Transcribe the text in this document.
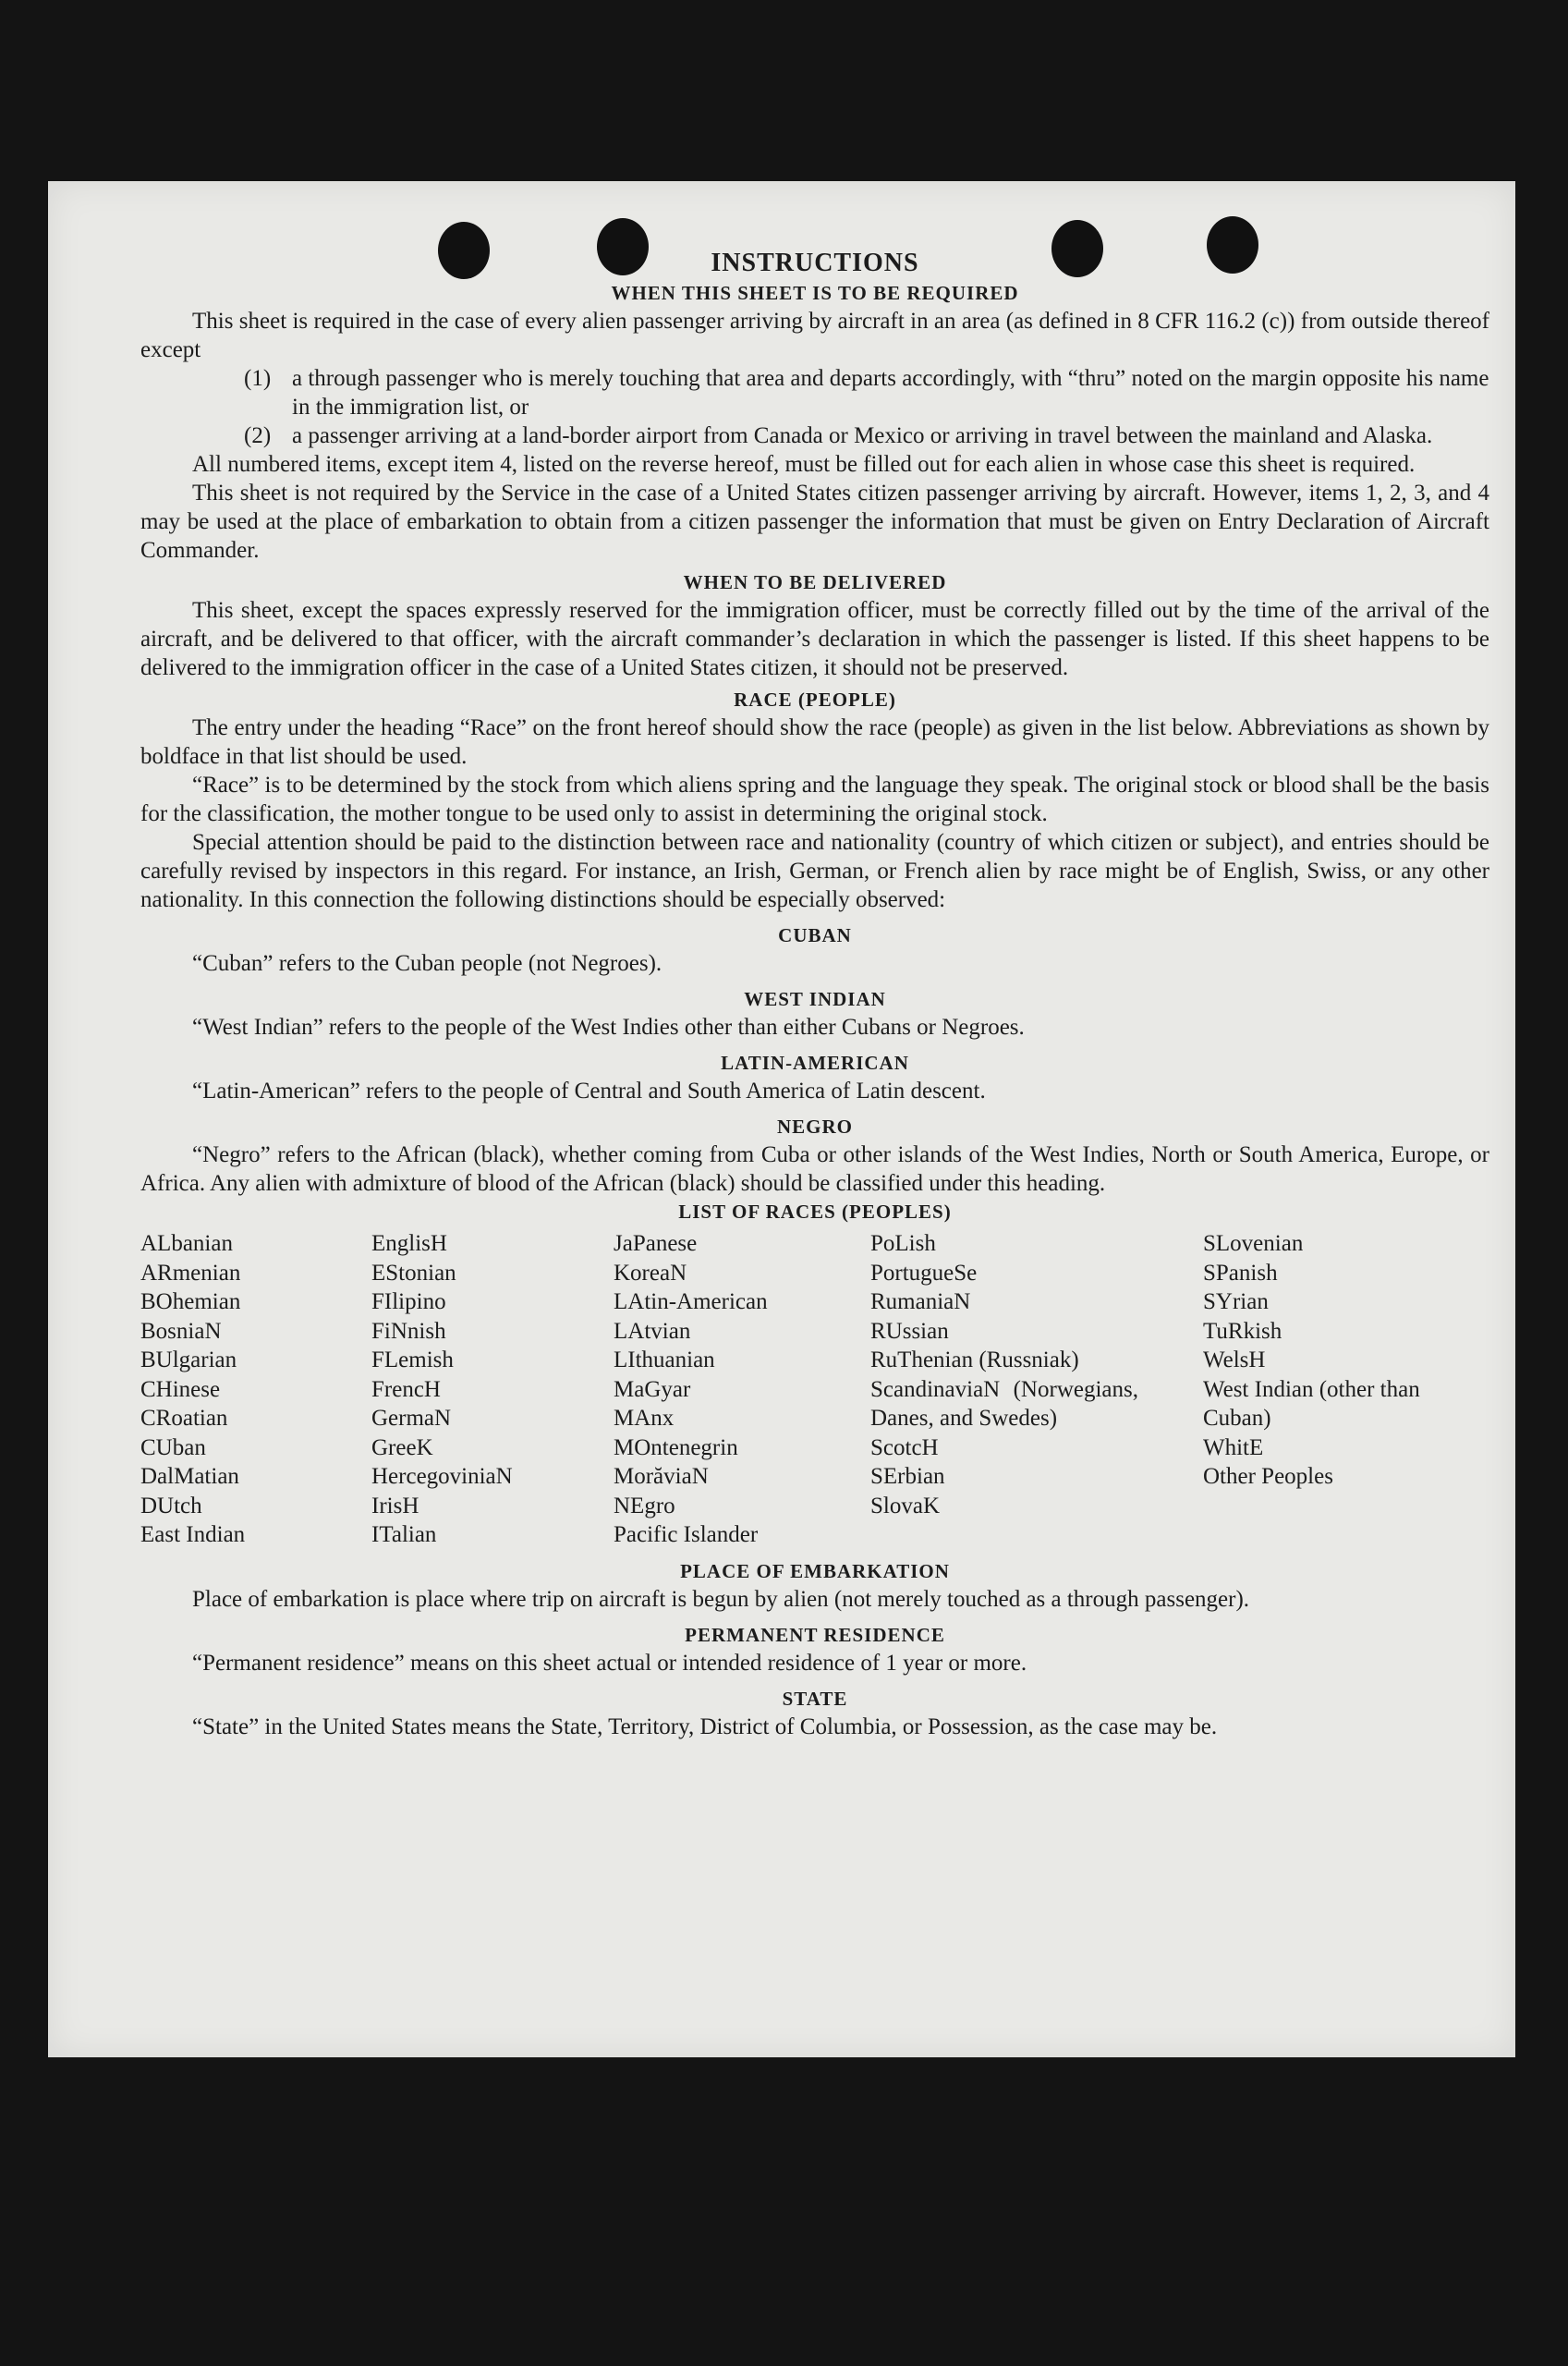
INSTRUCTIONS
WHEN THIS SHEET IS TO BE REQUIRED

This sheet is required in the case of every alien passenger arriving by aircraft in an area (as defined in 8 CFR 116.2 (c)) from outside thereof except

(1) a through passenger who is merely touching that area and departs accordingly, with “thru” noted on the margin opposite his name in the immigration list, or
(2) a passenger arriving at a land-border airport from Canada or Mexico or arriving in travel between the mainland and Alaska.

All numbered items, except item 4, listed on the reverse hereof, must be filled out for each alien in whose case this sheet is required.

This sheet is not required by the Service in the case of a United States citizen passenger arriving by aircraft. However, items 1, 2, 3, and 4 may be used at the place of embarkation to obtain from a citizen passenger the information that must be given on Entry Declaration of Aircraft Commander.

WHEN TO BE DELIVERED

This sheet, except the spaces expressly reserved for the immigration officer, must be correctly filled out by the time of the arrival of the aircraft, and be delivered to that officer, with the aircraft commander’s declaration in which the passenger is listed. If this sheet happens to be delivered to the immigration officer in the case of a United States citizen, it should not be preserved.

RACE (PEOPLE)

The entry under the heading “Race” on the front hereof should show the race (people) as given in the list below. Abbreviations as shown by boldface in that list should be used.

“Race” is to be determined by the stock from which aliens spring and the language they speak. The original stock or blood shall be the basis for the classification, the mother tongue to be used only to assist in determining the original stock.

Special attention should be paid to the distinction between race and nationality (country of which citizen or subject), and entries should be carefully revised by inspectors in this regard. For instance, an Irish, German, or French alien by race might be of English, Swiss, or any other nationality. In this connection the following distinctions should be especially observed:

CUBAN

“Cuban” refers to the Cuban people (not Negroes).

WEST INDIAN

“West Indian” refers to the people of the West Indies other than either Cubans or Negroes.

LATIN-AMERICAN

“Latin-American” refers to the people of Central and South America of Latin descent.

NEGRO

“Negro” refers to the African (black), whether coming from Cuba or other islands of the West Indies, North or South America, Europe, or Africa. Any alien with admixture of blood of the African (black) should be classified under this heading.

LIST OF RACES (PEOPLES)
ALbanian
ARmenian
BOhemian
BosniaN
BUlgarian
CHinese
CRoatian
CUban
DalMatian
DUtch
East Indian
EnglisH
EStonian
FIlipino
FiNnish
FLemish
FrencH
GermaN
GreeK
HercegoviniaN
IrisH
ITalian
JaPanese
KoreaN
LAtin-American
LAtvian
LIthuanian
MaGyar
MAnx
MOntenegrin
MorăviaN
NEgro
Pacific Islander
PoLish
PortugueSe
RumaniaN
RUssian
RuThenian (Russniak)
ScandinaviaN (Norwegians, Danes, and Swedes)
ScotcH
SErbian
SlovaK
SLovenian
SPanish
SYrian
TuRkish
WelsH
West Indian (other than Cuban)
WhitE
Other Peoples
PLACE OF EMBARKATION

Place of embarkation is place where trip on aircraft is begun by alien (not merely touched as a through passenger).

PERMANENT RESIDENCE

“Permanent residence” means on this sheet actual or intended residence of 1 year or more.

STATE

“State” in the United States means the State, Territory, District of Columbia, or Possession, as the case may be.
